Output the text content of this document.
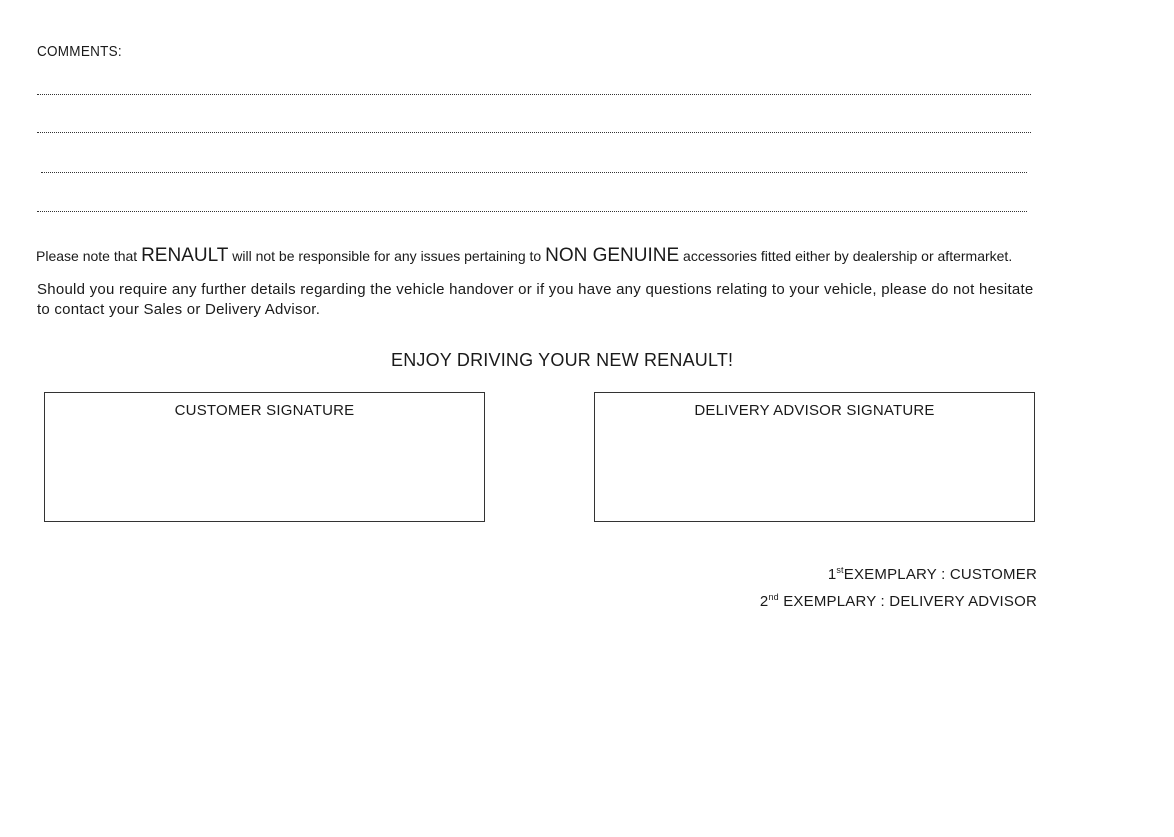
COMMENTS:
Please note that RENAULT will not be responsible for any issues pertaining to NON GENUINE accessories fitted either by dealership or aftermarket.
Should you require any further details regarding the vehicle handover or if you have any questions relating to your vehicle, please do not hesitate to contact your Sales or Delivery Advisor.
ENJOY DRIVING YOUR NEW RENAULT!
CUSTOMER SIGNATURE	DELIVERY ADVISOR SIGNATURE
1stEXEMPLARY : CUSTOMER
2nd EXEMPLARY : DELIVERY ADVISOR
